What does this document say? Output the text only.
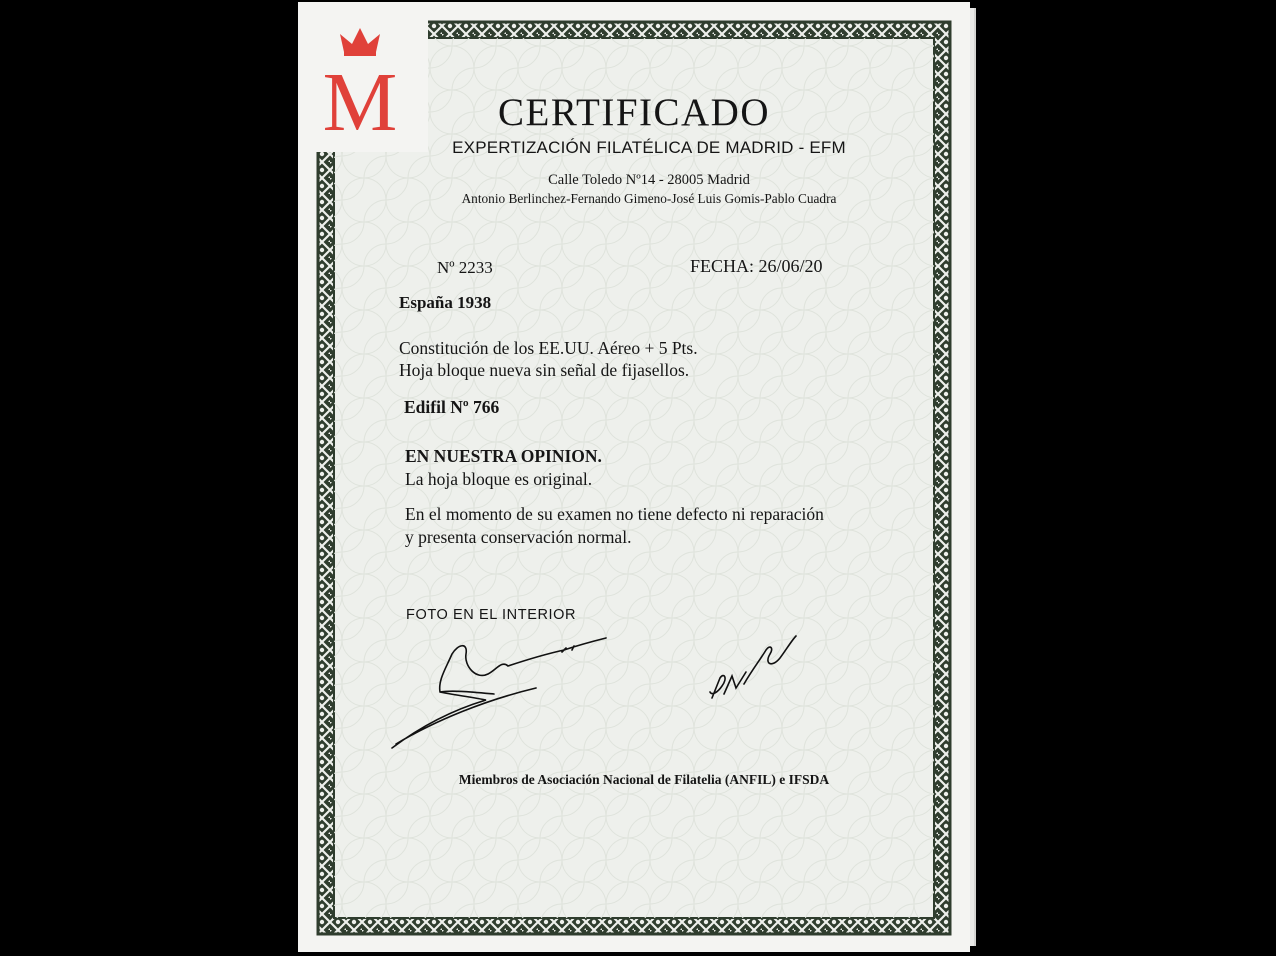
M	CERTIFICADO
EXPERTIZACIÓN FILATÉLICA DE MADRID - EFM
Calle Toledo Nº14 - 28005 Madrid
Antonio Berlinchez-Fernando Gimeno-José Luis Gomis-Pablo Cuadra
Nº 2233	FECHA: 26/06/20
España 1938
Constitución de los EE.UU. Aéreo + 5 Pts.
Hoja bloque nueva sin señal de fijasellos.
Edifil Nº 766
EN NUESTRA OPINION.
La hoja bloque es original.
En el momento de su examen no tiene defecto ni reparación
y presenta conservación normal.
FOTO EN EL INTERIOR
Miembros de Asociación Nacional de Filatelia (ANFIL) e IFSDA
